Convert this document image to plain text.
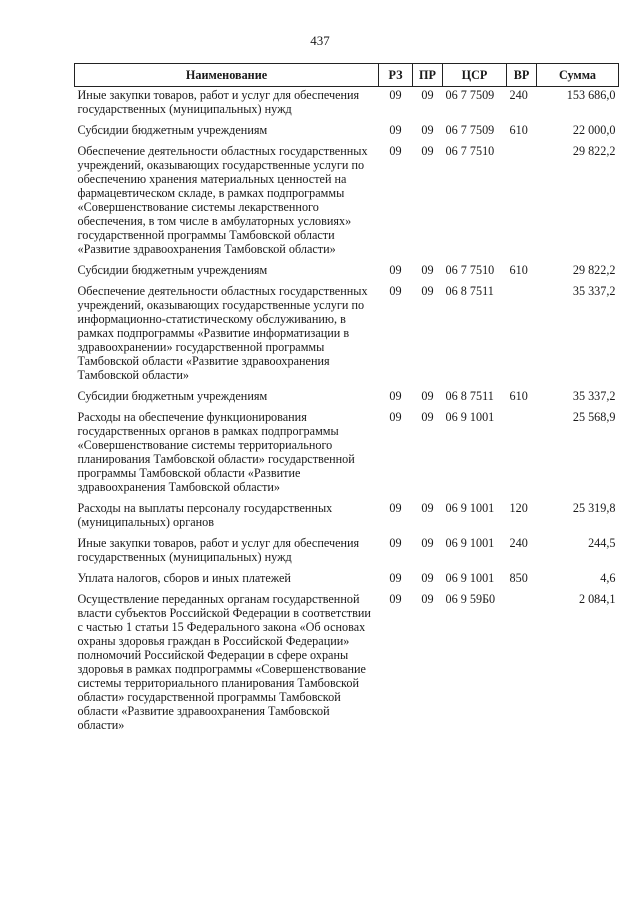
437
Наименование	РЗ	ПР	ЦСР	ВР	Сумма
Иные закупки товаров, работ и услуг для обеспечения государственных (муниципальных) нужд	09	09	06 7 7509	240	153 686,0
Субсидии бюджетным учреждениям	09	09	06 7 7509	610	22 000,0
Обеспечение деятельности областных государственных учреждений, оказывающих государственные услуги по обеспечению хранения материальных ценностей на фармацевтическом складе, в рамках подпрограммы «Совершенствование системы лекарственного обеспечения, в том числе в амбулаторных условиях» государственной программы Тамбовской области «Развитие здравоохранения Тамбовской области»	09	09	06 7 7510		29 822,2
Субсидии бюджетным учреждениям	09	09	06 7 7510	610	29 822,2
Обеспечение деятельности областных государственных учреждений, оказывающих государственные услуги по информационно-статистическому обслуживанию, в рамках подпрограммы «Развитие информатизации в здравоохранении» государственной программы Тамбовской области «Развитие здравоохранения Тамбовской области»	09	09	06 8 7511		35 337,2
Субсидии бюджетным учреждениям	09	09	06 8 7511	610	35 337,2
Расходы на обеспечение функционирования государственных органов в рамках подпрограммы «Совершенствование системы территориального планирования Тамбовской области» государственной программы Тамбовской области «Развитие здравоохранения Тамбовской области»	09	09	06 9 1001		25 568,9
Расходы на выплаты персоналу государственных (муниципальных) органов	09	09	06 9 1001	120	25 319,8
Иные закупки товаров, работ и услуг для обеспечения государственных (муниципальных) нужд	09	09	06 9 1001	240	244,5
Уплата налогов, сборов и иных платежей	09	09	06 9 1001	850	4,6
Осуществление переданных органам государственной власти субъектов Российской Федерации в соответствии с частью 1 статьи 15 Федерального закона «Об основах охраны здоровья граждан в Российской Федерации» полномочий Российской Федерации в сфере охраны здоровья в рамках подпрограммы «Совершенствование системы территориального планирования Тамбовской области» государственной программы Тамбовской области «Развитие здравоохранения Тамбовской области»	09	09	06 9 59Б0		2 084,1
